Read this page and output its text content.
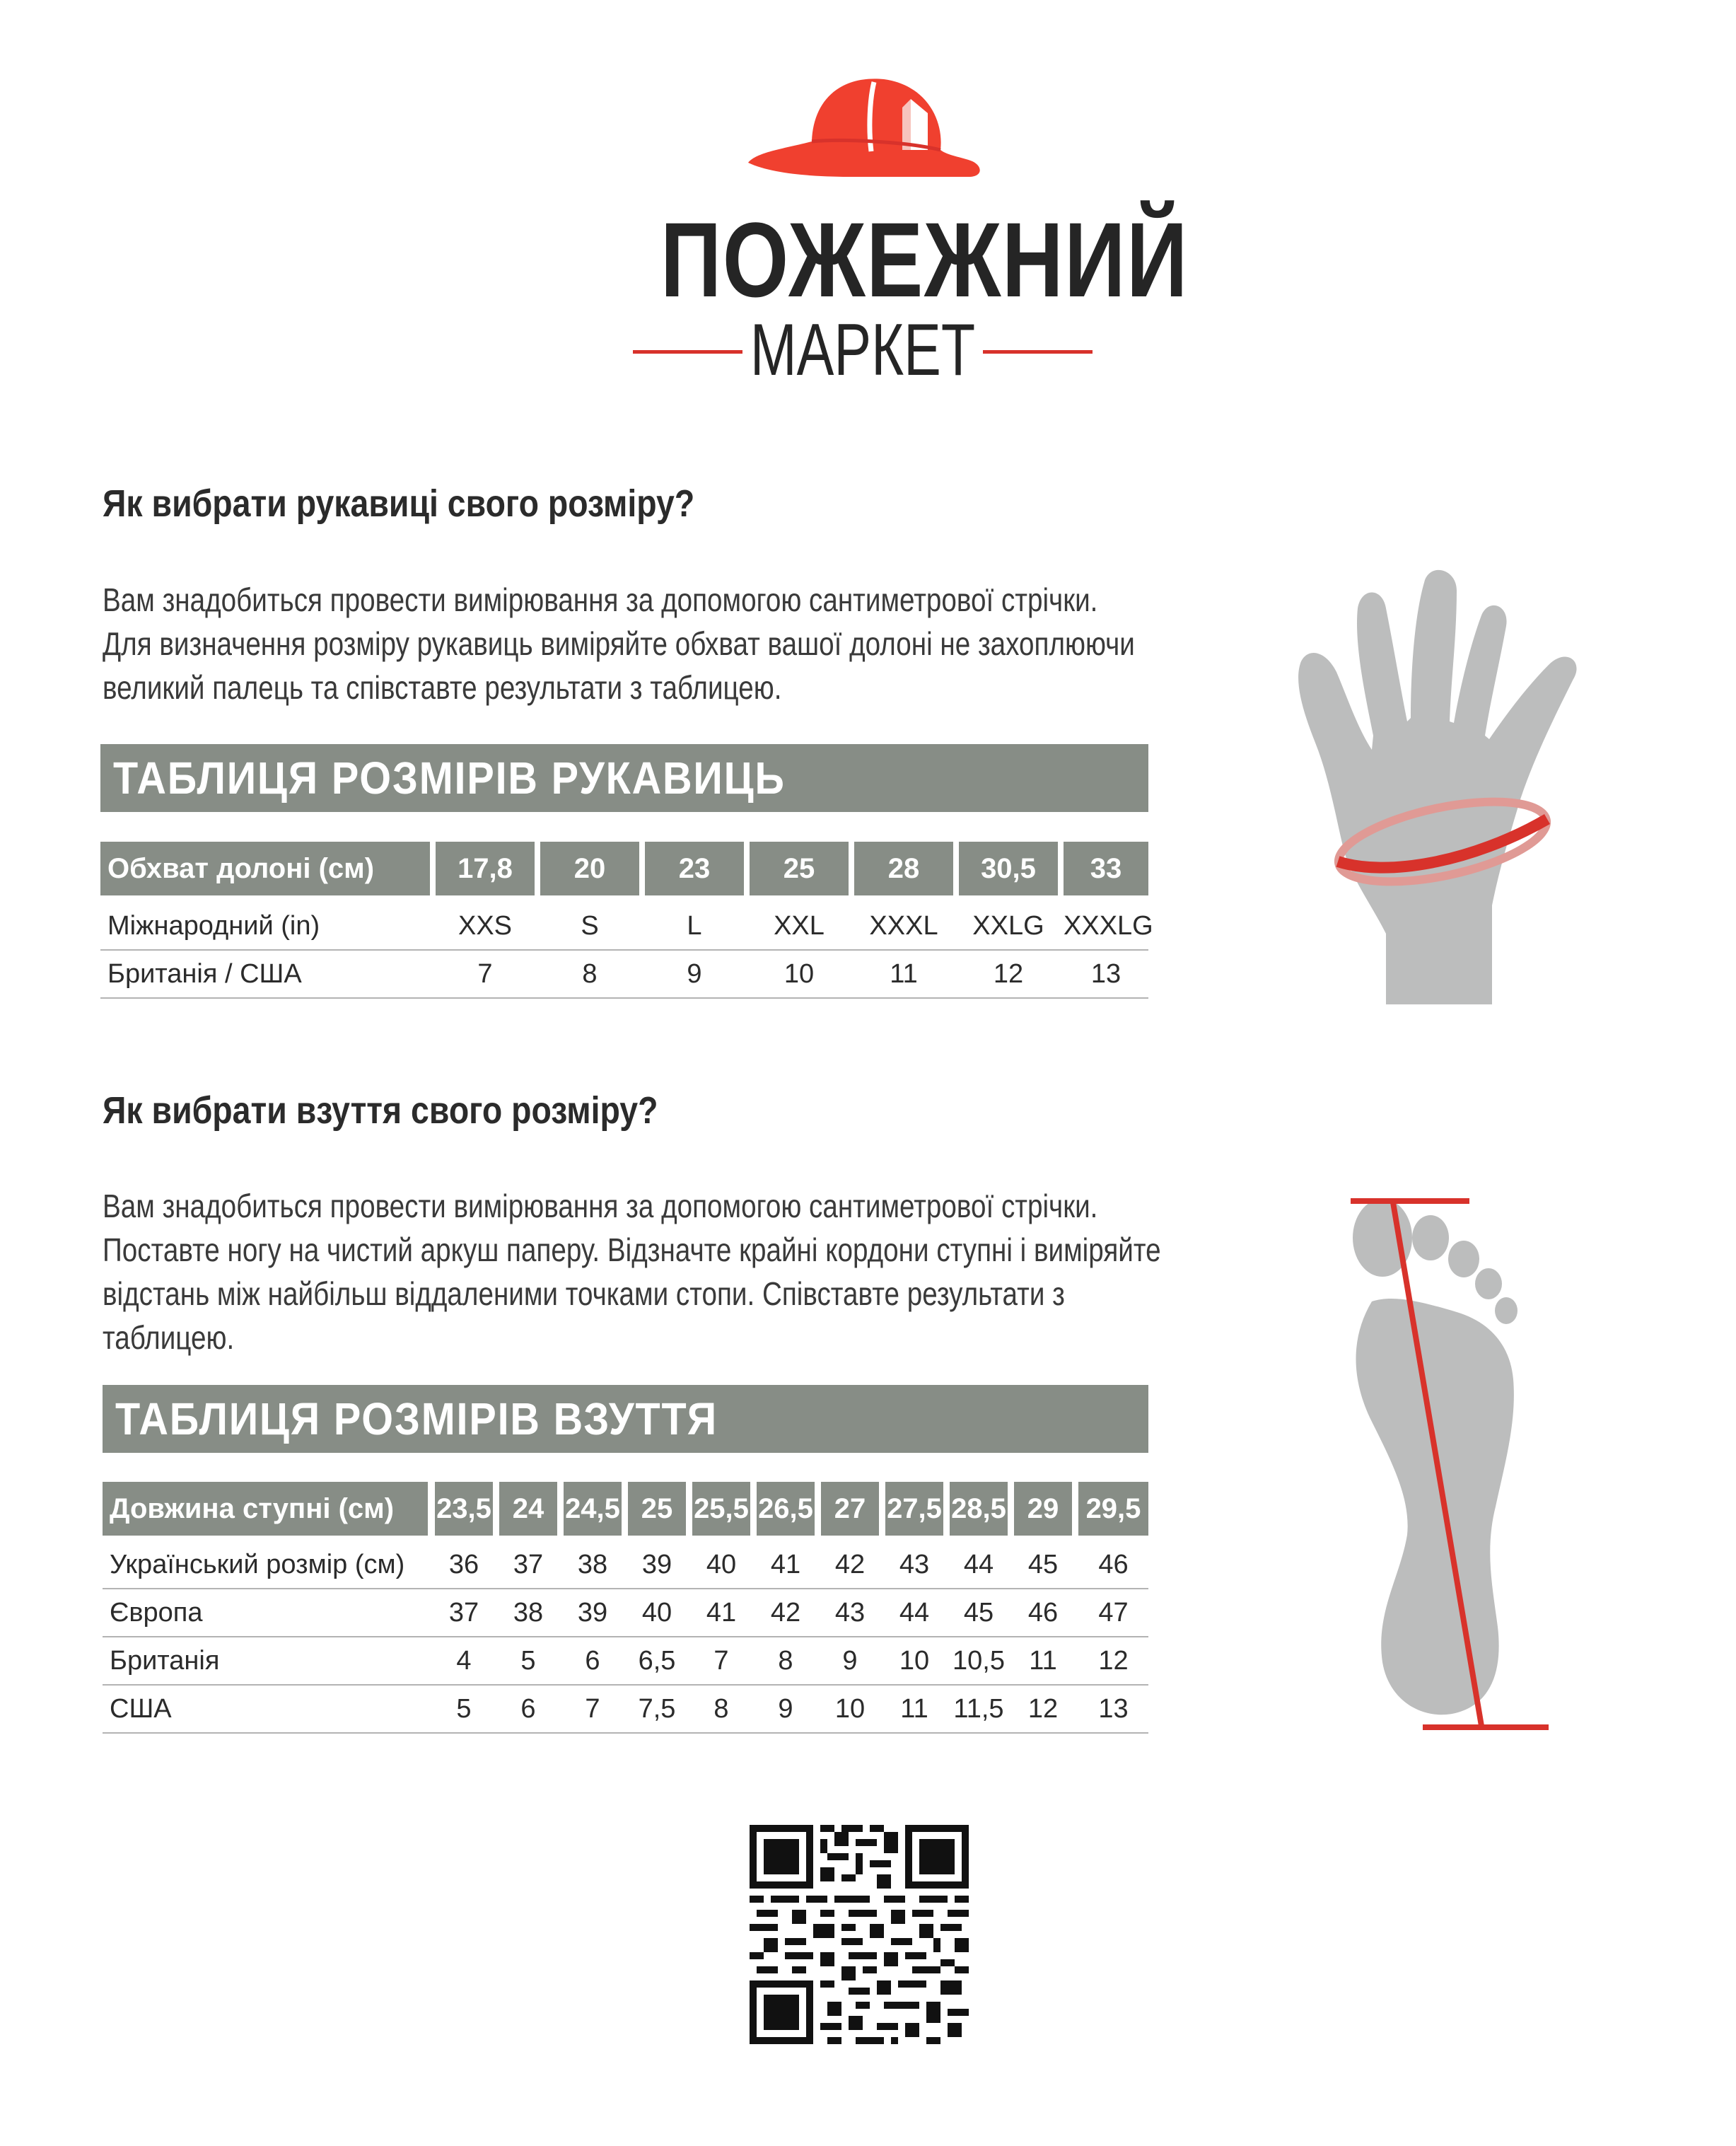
ПОЖЕЖНИЙ
МАРКЕТ
Як вибрати рукавиці свого розміру?

Вам знадобиться провести вимірювання за допомогою сантиметрової стрічки.

Для визначення розміру рукавиць виміряйте обхват вашої долоні не захоплюючи

великий палець та співставте результати з таблицею.

ТАБЛИЦЯ РОЗМІРІВ РУКАВИЦЬ
Обхват долоні (см)	17,8	20	23	25	28	30,5	33
Міжнародний (in)	XXS	S	L	XXL	XXXL	XXLG XXXLG
Британія / США	7	8	9	10	11	12	13
Як вибрати взуття свого розміру?

Вам знадобиться провести вимірювання за допомогою сантиметрової стрічки.

Поставте ногу на чистий аркуш паперу. Відзначте крайні кордони ступні і виміряйте

відстань між найбільш віддаленими точками стопи. Співставте результати з

таблицею.

ТАБЛИЦЯ РОЗМІРІВ ВЗУТТЯ
Довжина ступні (см)	23,5 24 24,5 25 25,5 26,5 27 27,5 28,5 29 29,5
Український розмір (см)	36	37	38	39	40	41	42	43	44	45	46
Європа	37	38	39	40	41	42	43	44	45	46	47
Британія	4	5	6	6,5	7	8	9	10 10,5 11	12
США	5	6	7	7,5	8	9	10	11 11,5 12	13
